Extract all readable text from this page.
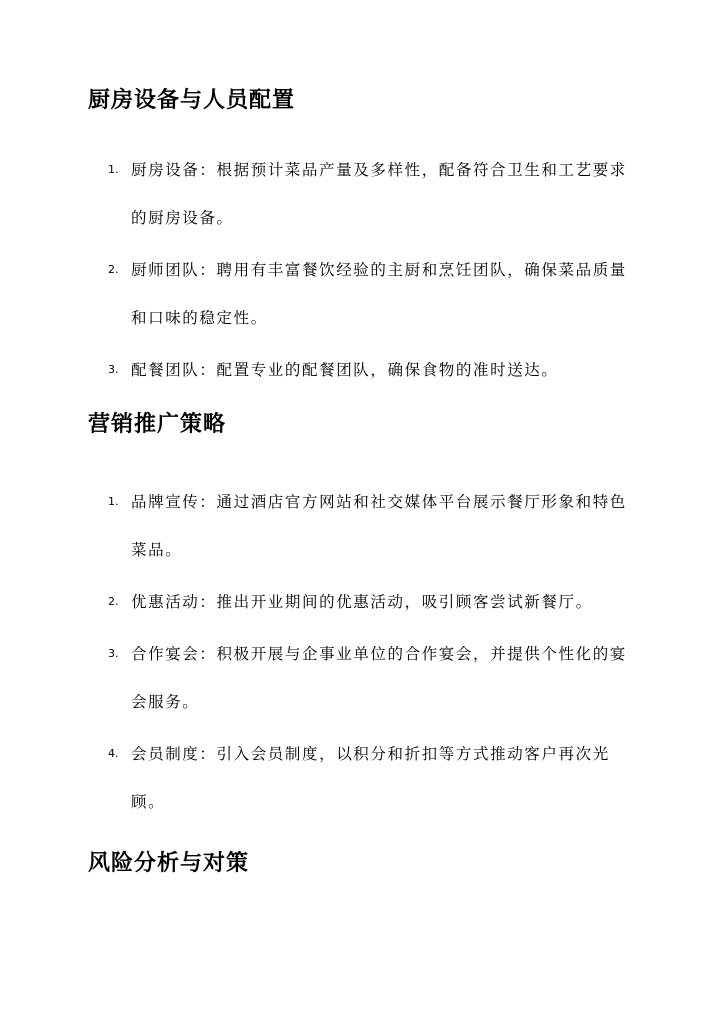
厨房设备与人员配置
1. 厨房设备：根据预计菜品产量及多样性，配备符合卫生和工艺要求的厨房设备。
2. 厨师团队：聘用有丰富餐饮经验的主厨和烹饪团队，确保菜品质量和口味的稳定性。
3. 配餐团队：配置专业的配餐团队，确保食物的准时送达。
营销推广策略
1. 品牌宣传：通过酒店官方网站和社交媒体平台展示餐厅形象和特色菜品。
2. 优惠活动：推出开业期间的优惠活动，吸引顾客尝试新餐厅。
3. 合作宴会：积极开展与企事业单位的合作宴会，并提供个性化的宴会服务。
4. 会员制度：引入会员制度，以积分和折扣等方式推动客户再次光顾。
风险分析与对策
